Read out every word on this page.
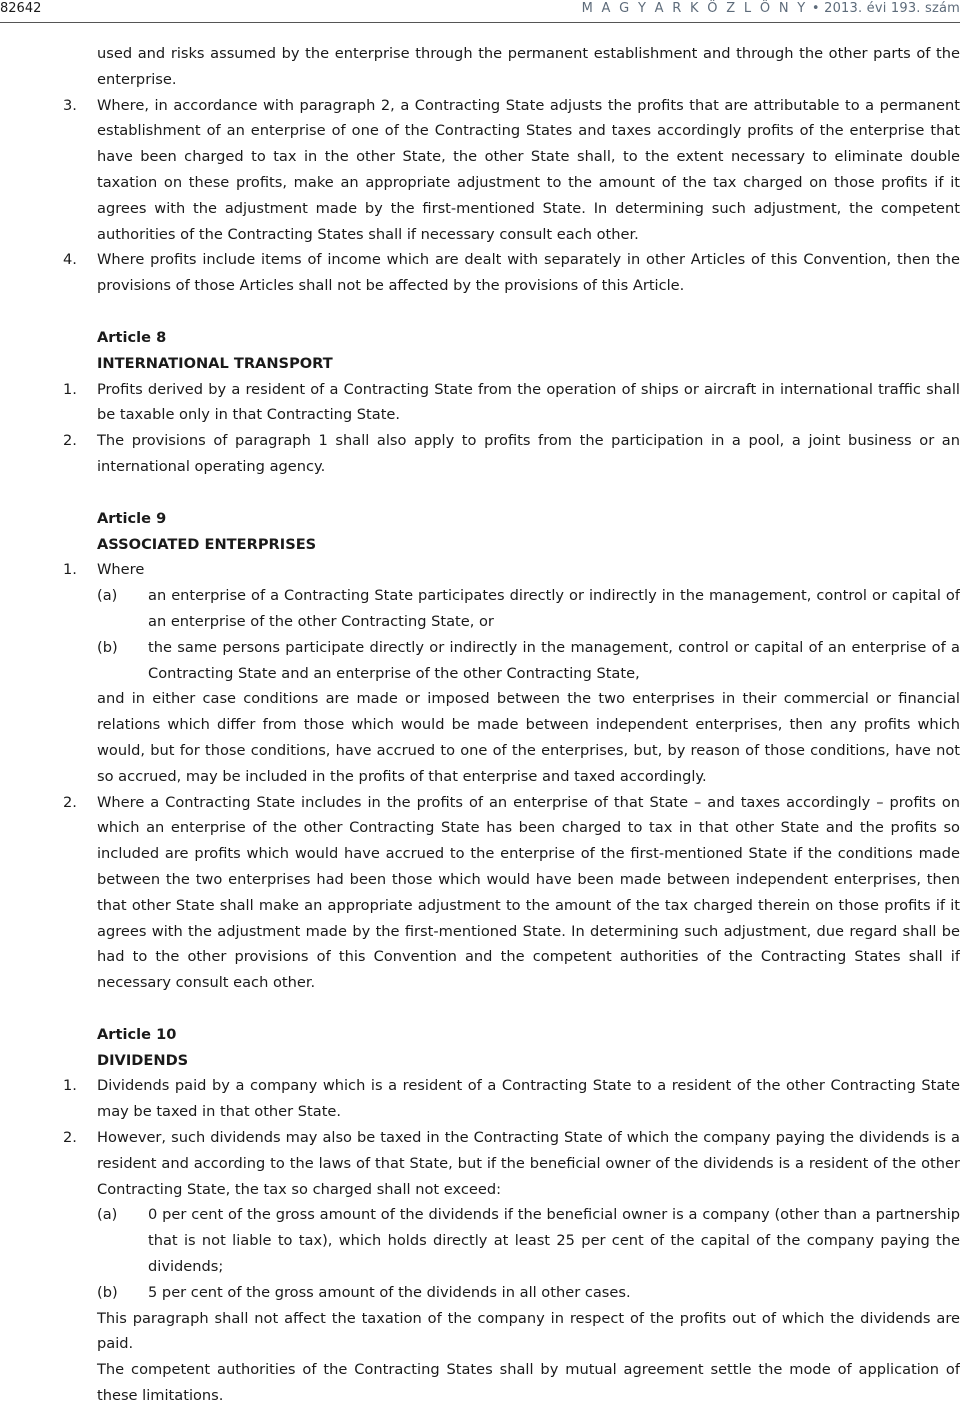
82642	M A G Y A R K Ö Z L Ö N Y • 2013. évi 193. szám
used and risks assumed by the enterprise through the permanent establishment and through the other parts of the enterprise.
3. Where, in accordance with paragraph 2, a Contracting State adjusts the profits that are attributable to a permanent establishment of an enterprise of one of the Contracting States and taxes accordingly profits of the enterprise that have been charged to tax in the other State, the other State shall, to the extent necessary to eliminate double taxation on these profits, make an appropriate adjustment to the amount of the tax charged on those profits if it agrees with the adjustment made by the first-mentioned State. In determining such adjustment, the competent authorities of the Contracting States shall if necessary consult each other.
4. Where profits include items of income which are dealt with separately in other Articles of this Convention, then the provisions of those Articles shall not be affected by the provisions of this Article.
Article 8
INTERNATIONAL TRANSPORT
1. Profits derived by a resident of a Contracting State from the operation of ships or aircraft in international traffic shall be taxable only in that Contracting State.
2. The provisions of paragraph 1 shall also apply to profits from the participation in a pool, a joint business or an international operating agency.
Article 9
ASSOCIATED ENTERPRISES
1. Where
(a) an enterprise of a Contracting State participates directly or indirectly in the management, control or capital of an enterprise of the other Contracting State, or
(b) the same persons participate directly or indirectly in the management, control or capital of an enterprise of a Contracting State and an enterprise of the other Contracting State,
and in either case conditions are made or imposed between the two enterprises in their commercial or financial relations which differ from those which would be made between independent enterprises, then any profits which would, but for those conditions, have accrued to one of the enterprises, but, by reason of those conditions, have not so accrued, may be included in the profits of that enterprise and taxed accordingly.
2. Where a Contracting State includes in the profits of an enterprise of that State – and taxes accordingly – profits on which an enterprise of the other Contracting State has been charged to tax in that other State and the profits so included are profits which would have accrued to the enterprise of the first-mentioned State if the conditions made between the two enterprises had been those which would have been made between independent enterprises, then that other State shall make an appropriate adjustment to the amount of the tax charged therein on those profits if it agrees with the adjustment made by the first-mentioned State. In determining such adjustment, due regard shall be had to the other provisions of this Convention and the competent authorities of the Contracting States shall if necessary consult each other.
Article 10
DIVIDENDS
1. Dividends paid by a company which is a resident of a Contracting State to a resident of the other Contracting State may be taxed in that other State.
2. However, such dividends may also be taxed in the Contracting State of which the company paying the dividends is a resident and according to the laws of that State, but if the beneficial owner of the dividends is a resident of the other Contracting State, the tax so charged shall not exceed:
(a) 0 per cent of the gross amount of the dividends if the beneficial owner is a company (other than a partnership that is not liable to tax), which holds directly at least 25 per cent of the capital of the company paying the dividends;
(b) 5 per cent of the gross amount of the dividends in all other cases.
This paragraph shall not affect the taxation of the company in respect of the profits out of which the dividends are paid.
The competent authorities of the Contracting States shall by mutual agreement settle the mode of application of these limitations.
